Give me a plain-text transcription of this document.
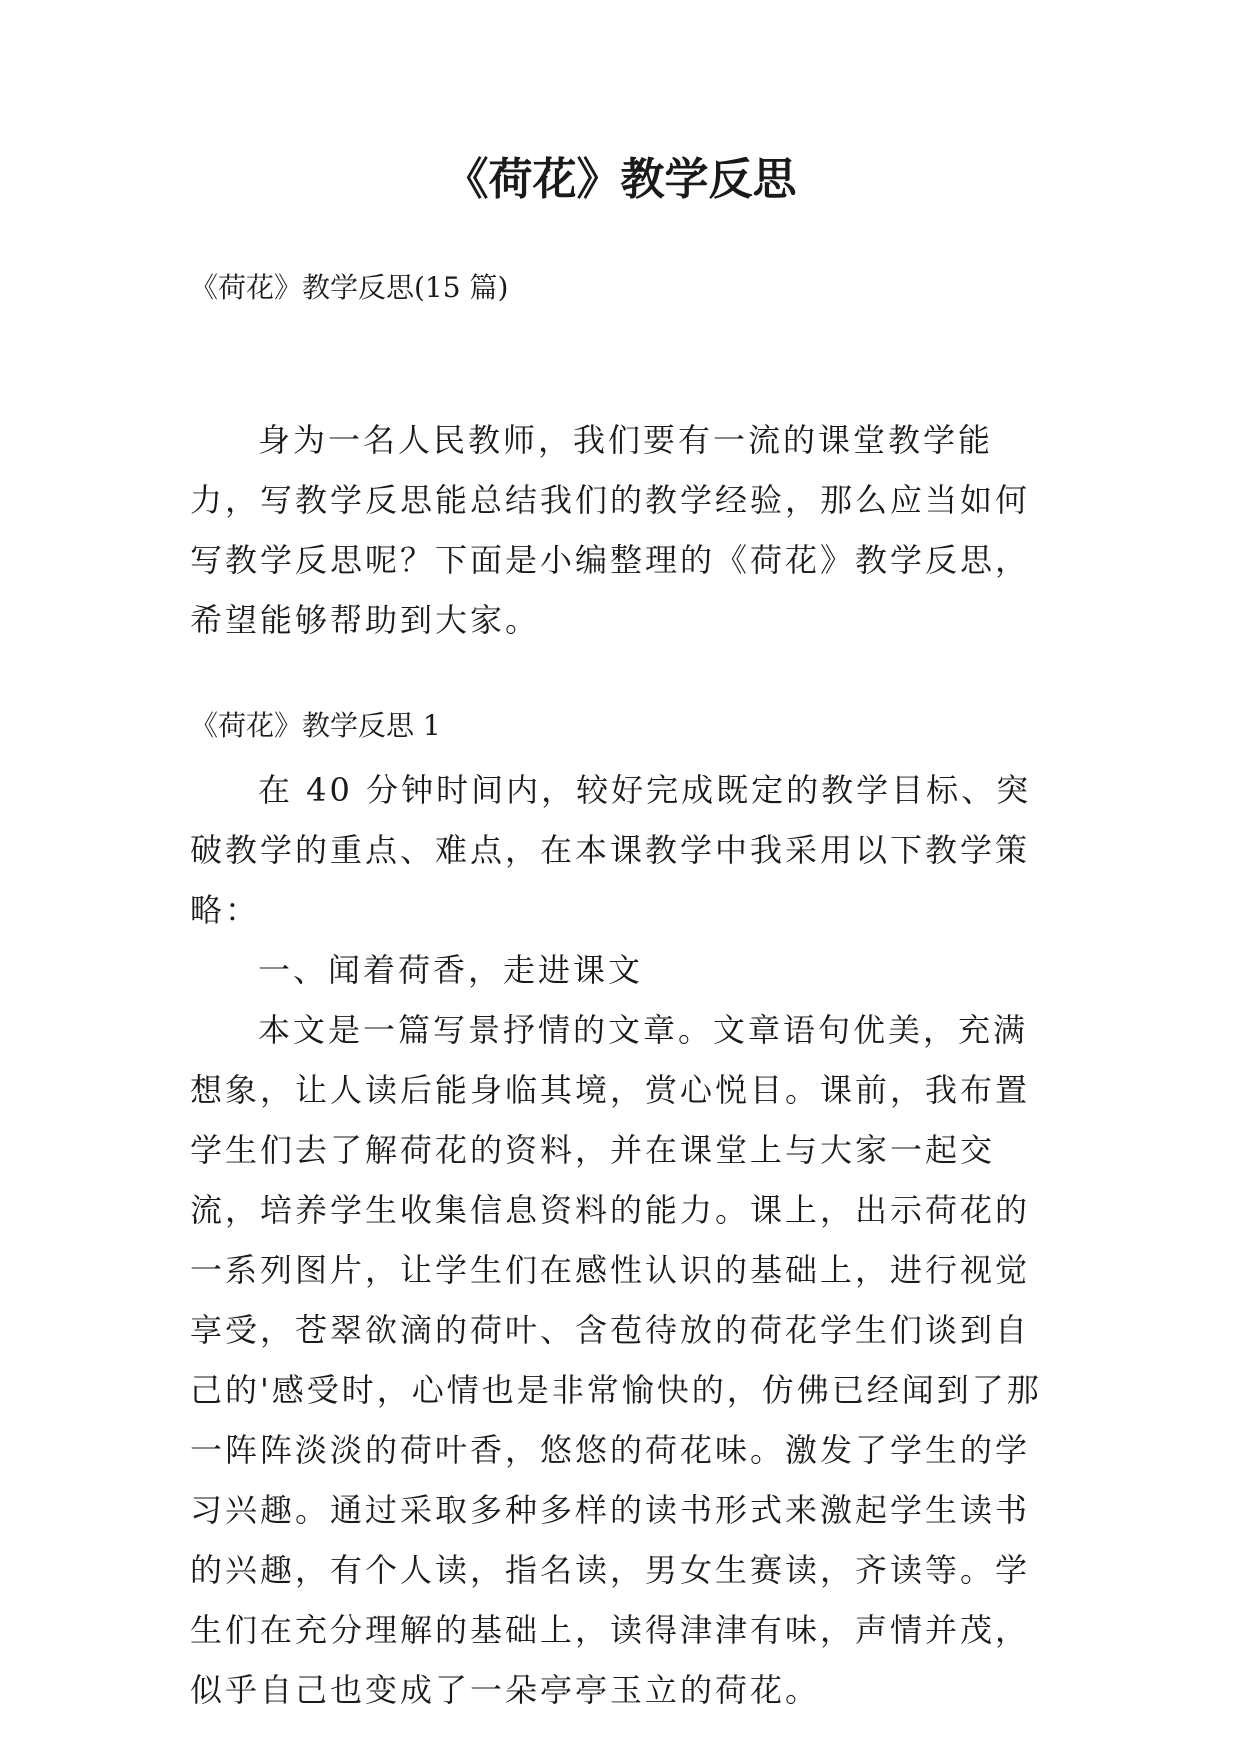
《荷花》教学反思

《荷花》教学反思(15 篇)

身为一名人民教师，我们要有一流的课堂教学能力，写教学反思能总结我们的教学经验，那么应当如何写教学反思呢？下面是小编整理的《荷花》教学反思，希望能够帮助到大家。

《荷花》教学反思 1

在 40 分钟时间内，较好完成既定的教学目标、突破教学的重点、难点，在本课教学中我采用以下教学策略：

一、闻着荷香，走进课文

本文是一篇写景抒情的文章。文章语句优美，充满想象，让人读后能身临其境，赏心悦目。课前，我布置学生们去了解荷花的资料，并在课堂上与大家一起交流，培养学生收集信息资料的能力。课上，出示荷花的一系列图片，让学生们在感性认识的基础上，进行视觉享受，苍翠欲滴的荷叶、含苞待放的荷花学生们谈到自己的'感受时，心情也是非常愉快的，仿佛已经闻到了那一阵阵淡淡的荷叶香，悠悠的荷花味。激发了学生的学习兴趣。通过采取多种多样的读书形式来激起学生读书的兴趣，有个人读，指名读，男女生赛读，齐读等。学生们在充分理解的基础上，读得津津有味，声情并茂，似乎自己也变成了一朵亭亭玉立的荷花。
